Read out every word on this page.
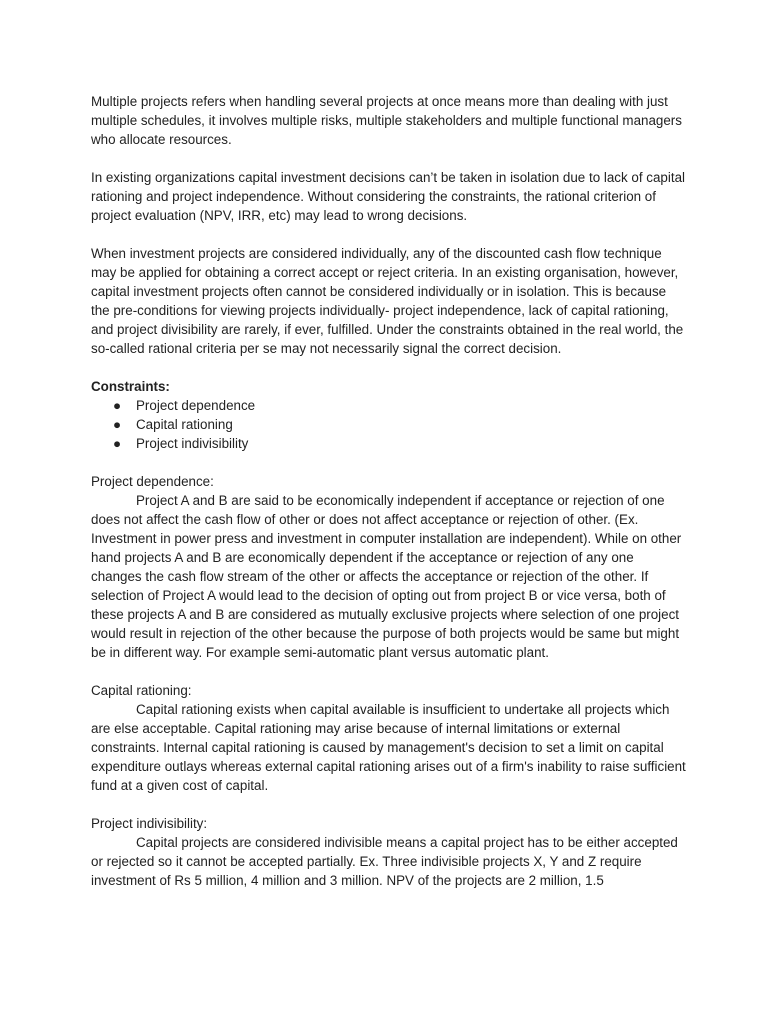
Multiple projects refers when handling several projects at once means more than dealing with just multiple schedules, it involves multiple risks, multiple stakeholders and multiple functional managers who allocate resources.

In existing organizations capital investment decisions can’t be taken in isolation due to lack of capital rationing and project independence. Without considering the constraints, the rational criterion of project evaluation (NPV, IRR, etc) may lead to wrong decisions.

When investment projects are considered individually, any of the discounted cash flow technique may be applied for obtaining a correct accept or reject criteria. In an existing organisation, however, capital investment projects often cannot be considered individually or in isolation. This is because the pre-conditions for viewing projects individually- project independence, lack of capital rationing, and project divisibility are rarely, if ever, fulfilled. Under the constraints obtained in the real world, the so-called rational criteria per se may not necessarily signal the correct decision.

Constraints:
● Project dependence
● Capital rationing
● Project indivisibility
Project dependence:

Project A and B are said to be economically independent if acceptance or rejection of one does not affect the cash flow of other or does not affect acceptance or rejection of other. (Ex. Investment in power press and investment in computer installation are independent). While on other hand projects A and B are economically dependent if the acceptance or rejection of any one changes the cash flow stream of the other or affects the acceptance or rejection of the other. If selection of Project A would lead to the decision of opting out from project B or vice versa, both of these projects A and B are considered as mutually exclusive projects where selection of one project would result in rejection of the other because the purpose of both projects would be same but might be in different way. For example semi-automatic plant versus automatic plant.

Capital rationing:

Capital rationing exists when capital available is insufficient to undertake all projects which are else acceptable. Capital rationing may arise because of internal limitations or external constraints. Internal capital rationing is caused by management's decision to set a limit on capital expenditure outlays whereas external capital rationing arises out of a firm's inability to raise sufficient fund at a given cost of capital.

Project indivisibility:

Capital projects are considered indivisible means a capital project has to be either accepted or rejected so it cannot be accepted partially. Ex. Three indivisible projects X, Y and Z require investment of Rs 5 million, 4 million and 3 million. NPV of the projects are 2 million, 1.5
